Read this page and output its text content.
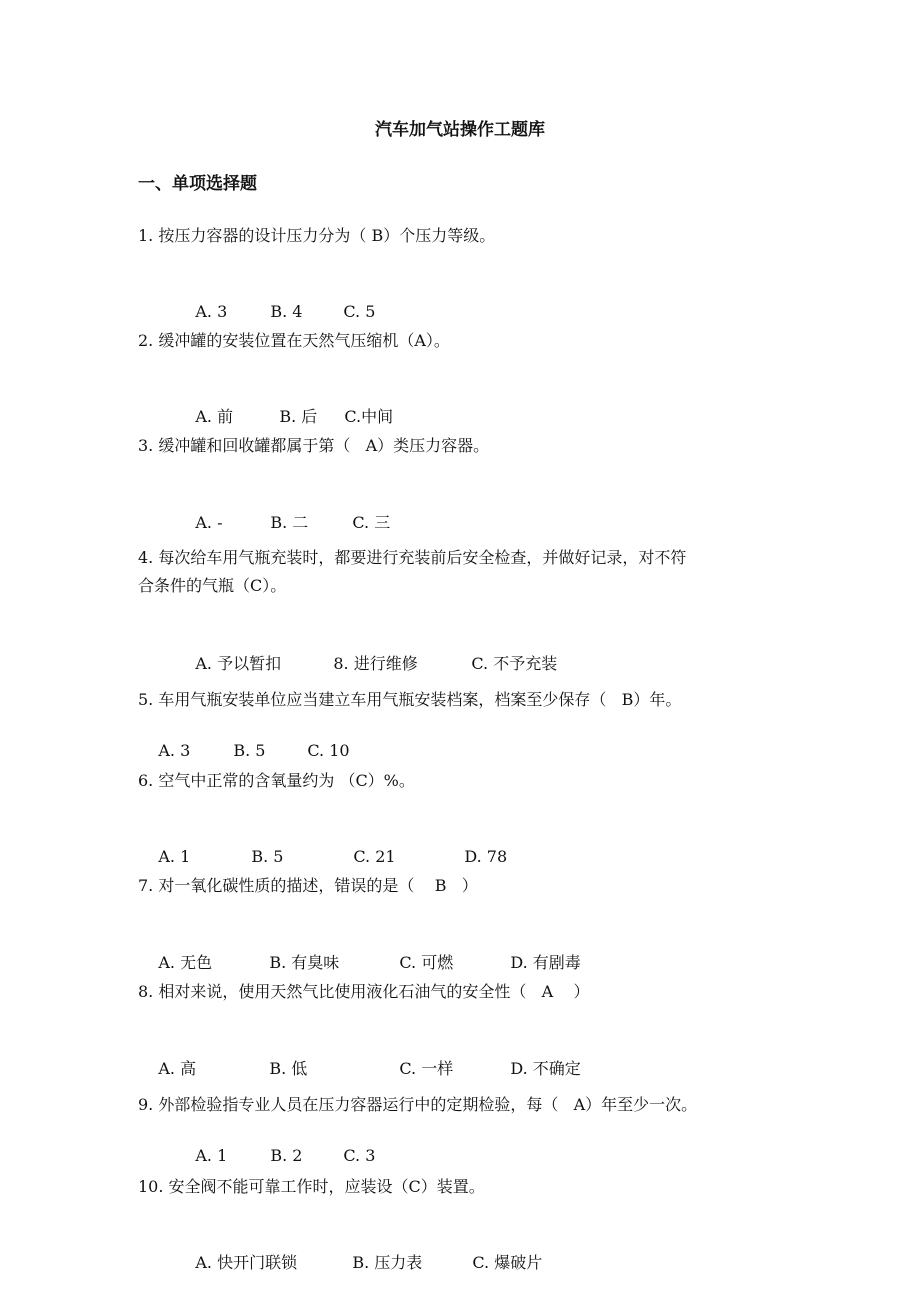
汽车加气站操作工题库
一、单项选择题
1. 按压力容器的设计压力分为（ B）个压力等级。

A. 3	B. 4	C. 5

2. 缓冲罐的安装位置在天然气压缩机（A）。

A. 前	B. 后 C.中间

3. 缓冲罐和回收罐都属于第（   A）类压力容器。

A. -	B. 二	C. 三

4. 每次给车用气瓶充装时，都要进行充装前后安全检查，并做好记录，对不符
合条件的气瓶（C）。

A. 予以暂扣	8. 进行维修	C. 不予充装

5. 车用气瓶安装单位应当建立车用气瓶安装档案，档案至少保存（   B）年。

A. 3	B. 5	C. 10

6. 空气中正常的含氧量约为 （C）%。

A. 1	B. 5	C. 21	D. 78

7. 对一氧化碳性质的描述，错误的是（    B   ）

A. 无色	B. 有臭味	C. 可燃	D. 有剧毒

8. 相对来说，使用天然气比使用液化石油气的安全性（   A    ）

A. 高	B. 低	C. 一样	D. 不确定

9. 外部检验指专业人员在压力容器运行中的定期检验，每（   A）年至少一次。

A. 1	B. 2	C. 3

10. 安全阀不能可靠工作时，应装设（C）装置。

A. 快开门联锁	B. 压力表	C. 爆破片
